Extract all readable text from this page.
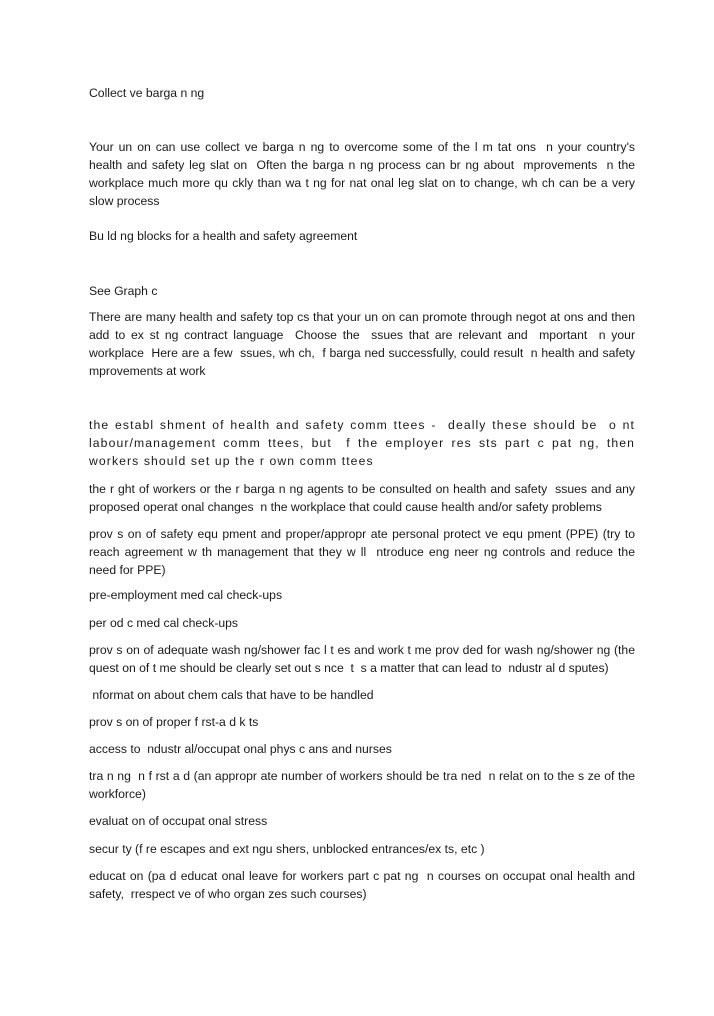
Collect ve barga n ng

Your un on can use collect ve barga n ng to overcome some of the l m tat ons  n your country's health and safety leg slat on  Often the barga n ng process can br ng about  mprovements  n the workplace much more qu ckly than wa t ng for nat onal leg slat on to change, wh ch can be a very slow process

Bu ld ng blocks for a health and safety agreement

See Graph c

There are many health and safety top cs that your un on can promote through negot at ons and then add to ex st ng contract language  Choose the  ssues that are relevant and  mportant  n your workplace  Here are a few  ssues, wh ch,  f barga ned successfully, could result  n health and safety  mprovements at work

the establ shment of health and safety comm ttees -  deally these should be  o nt labour/management comm ttees, but  f the employer res sts part c pat ng, then workers should set up the r own comm ttees

the r ght of workers or the r barga n ng agents to be consulted on health and safety  ssues and any proposed operat onal changes  n the workplace that could cause health and/or safety problems

prov s on of safety equ pment and proper/appropr ate personal protect ve equ pment (PPE) (try to reach agreement w th management that they w ll  ntroduce eng neer ng controls and reduce the need for PPE)

pre-employment med cal check-ups

per od c med cal check-ups

prov s on of adequate wash ng/shower fac l t es and work t me prov ded for wash ng/shower ng (the quest on of t me should be clearly set out s nce  t  s a matter that can lead to  ndustr al d sputes)

nformat on about chem cals that have to be handled

prov s on of proper f rst-a d k ts

access to  ndustr al/occupat onal phys c ans and nurses

tra n ng  n f rst a d (an appropr ate number of workers should be tra ned  n relat on to the s ze of the workforce)

evaluat on of occupat onal stress

secur ty (f re escapes and ext ngu shers, unblocked entrances/ex ts, etc )

educat on (pa d educat onal leave for workers part c pat ng  n courses on occupat onal health and safety,  rrespect ve of who organ zes such courses)
